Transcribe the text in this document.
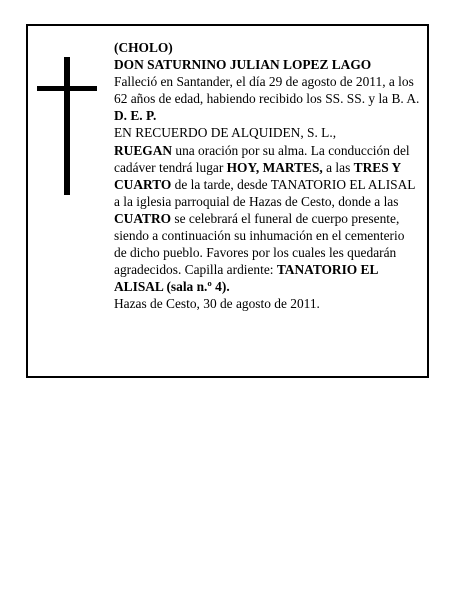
(CHOLO)

DON SATURNINO JULIAN LOPEZ LAGO

Falleció en Santander, el día 29 de agosto de 2011, a los 62 años de edad, habiendo recibido los SS. SS. y la B. A.

D. E. P.

EN RECUERDO DE ALQUIDEN, S. L.,

RUEGAN una oración por su alma. La conducción del cadáver tendrá lugar HOY, MARTES, a las TRES Y CUARTO de la tarde, desde TANATORIO EL ALISAL a la iglesia parroquial de Hazas de Cesto, donde a las CUATRO se celebrará el funeral de cuerpo presente, siendo a continuación su inhumación en el cementerio de dicho pueblo. Favores por los cuales les quedarán agradecidos. Capilla ardiente: TANATORIO EL ALISAL (sala n.º 4).

Hazas de Cesto, 30 de agosto de 2011.
